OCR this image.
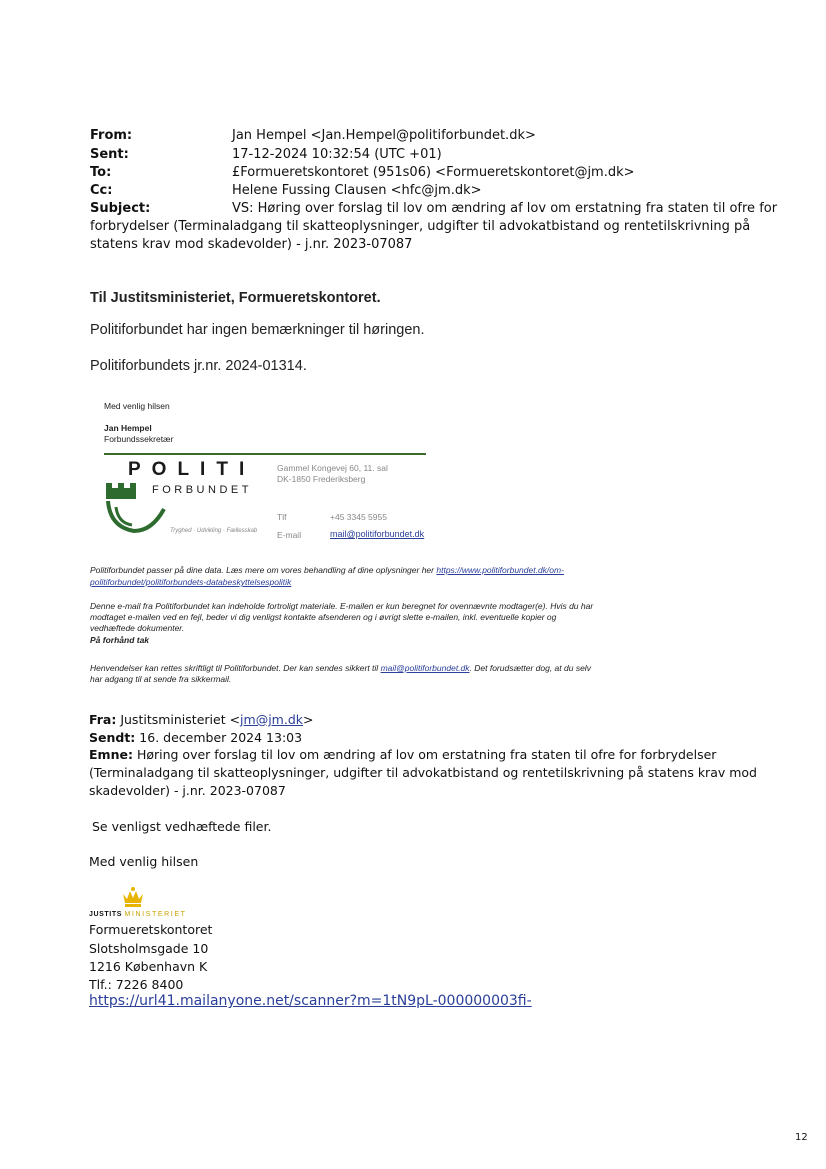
From:	Jan Hempel <Jan.Hempel@politiforbundet.dk>
Sent:	17-12-2024 10:32:54 (UTC +01)
To:	£Formueretskontoret (951s06) <Formueretskontoret@jm.dk>
Cc:	Helene Fussing Clausen <hfc@jm.dk>
Subject:	VS: Høring over forslag til lov om ændring af lov om erstatning fra staten til ofre for
forbrydelser (Terminaladgang til skatteoplysninger, udgifter til advokatbistand og rentetilskrivning på
statens krav mod skadevolder) - j.nr. 2023-07087
Til Justitsministeriet, Formueretskontoret.
Politiforbundet har ingen bemærkninger til høringen.
Politiforbundets jr.nr. 2024-01314.
Med venlig hilsen
Jan Hempel
Forbundssekretær
POLITI
FORBUNDET
Tryghed · Udvikling · Fællesskab
Gammel Kongevej 60, 11. sal
DK-1850 Frederiksberg
Tlf	+45 3345 5955
E-mail	mail@politiforbundet.dk
Politiforbundet passer på dine data. Læs mere om vores behandling af dine oplysninger her https://www.politiforbundet.dk/om-
politiforbundet/politiforbundets-databeskyttelsespolitik
Denne e-mail fra Politiforbundet kan indeholde fortroligt materiale. E-mailen er kun beregnet for ovennævnte modtager(e). Hvis du har
modtaget e-mailen ved en fejl, beder vi dig venligst kontakte afsenderen og i øvrigt slette e-mailen, inkl. eventuelle kopier og
vedhæftede dokumenter.
På forhånd tak
Henvendelser kan rettes skriftligt til Politiforbundet. Der kan sendes sikkert til mail@politiforbundet.dk. Det forudsætter dog, at du selv
har adgang til at sende fra sikkermail.
Fra: Justitsministeriet <jm@jm.dk>
Sendt: 16. december 2024 13:03
Emne: Høring over forslag til lov om ændring af lov om erstatning fra staten til ofre for forbrydelser
(Terminaladgang til skatteoplysninger, udgifter til advokatbistand og rentetilskrivning på statens krav mod
skadevolder) - j.nr. 2023-07087
Se venligst vedhæftede filer.
Med venlig hilsen
JUSTITS MINISTERIET
Formueretskontoret
Slotsholmsgade 10
1216 København K
Tlf.: 7226 8400
https://url41.mailanyone.net/scanner?m=1tN9pL-000000003fi-
12
